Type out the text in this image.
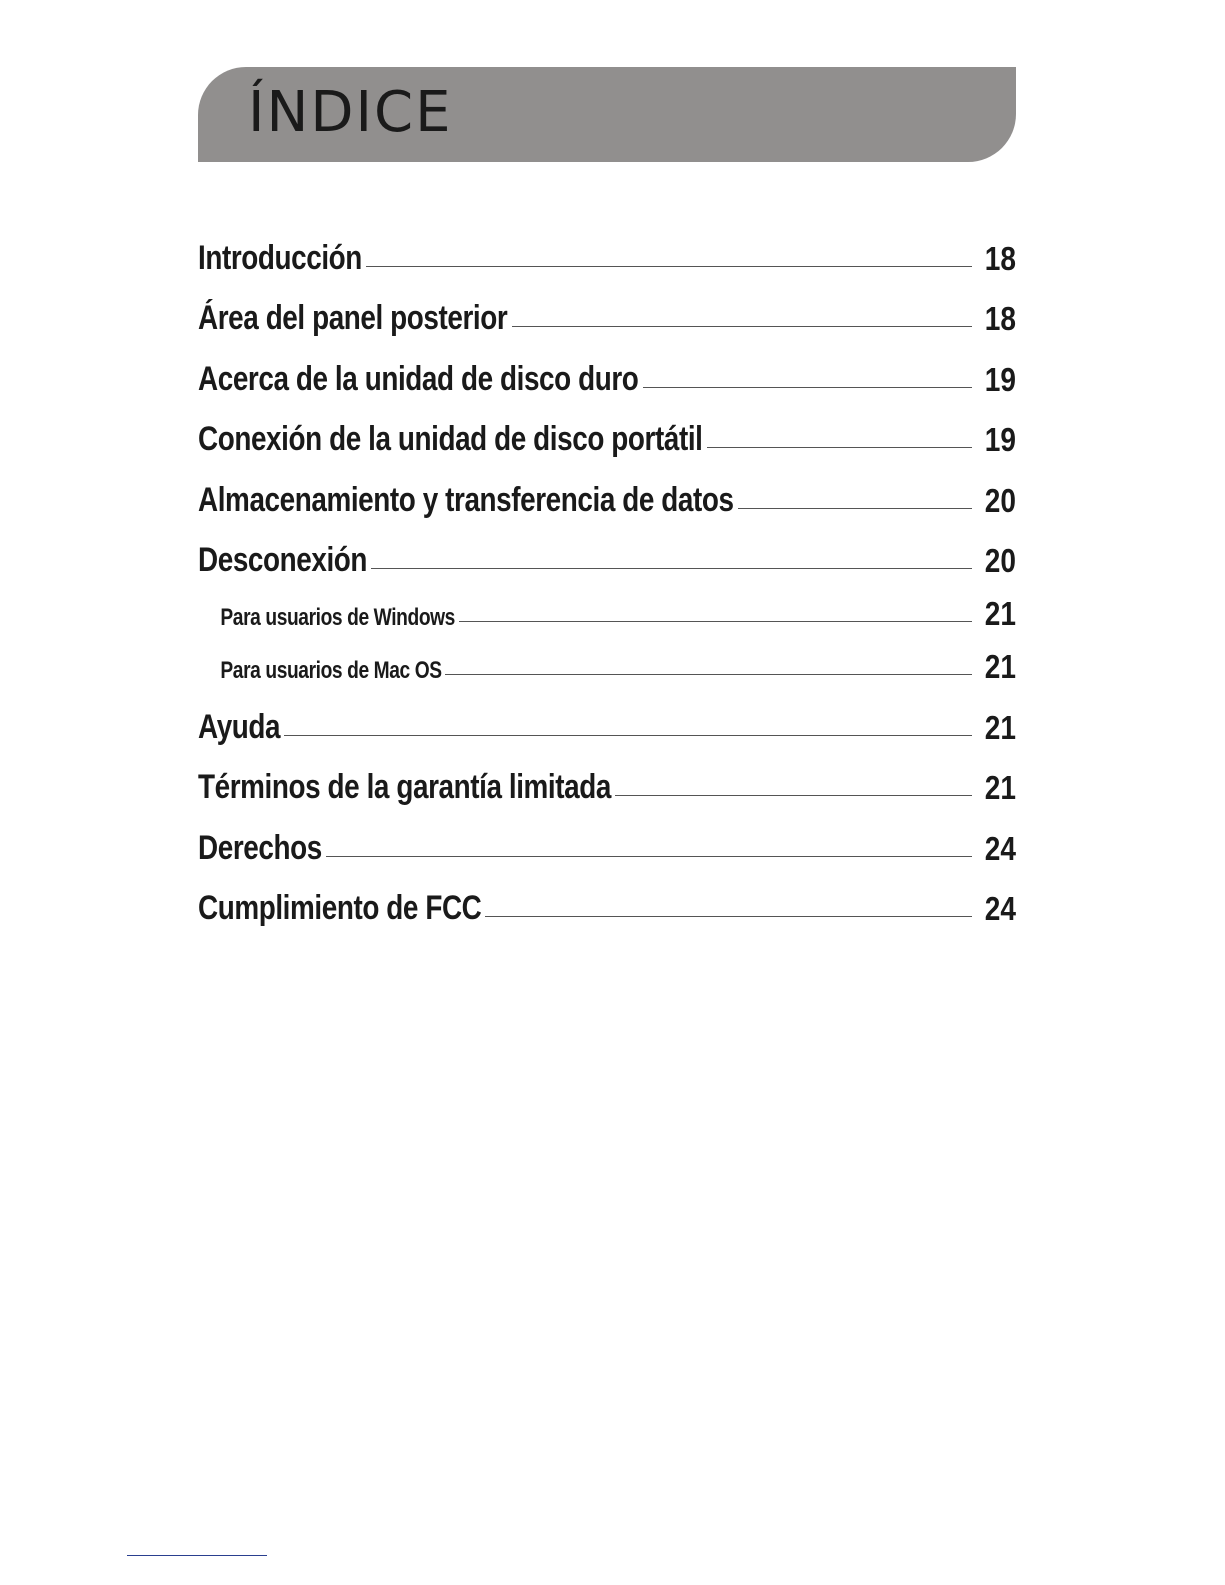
ÍNDICE
Introducción	18
Área del panel posterior	18
Acerca de la unidad de disco duro	19
Conexión de la unidad de disco portátil	19
Almacenamiento y transferencia de datos	20
Desconexión	20
Para usuarios de Windows	21
Para usuarios de Mac OS	21
Ayuda	21
Términos de la garantía limitada	21
Derechos	24
Cumplimiento de FCC	24
